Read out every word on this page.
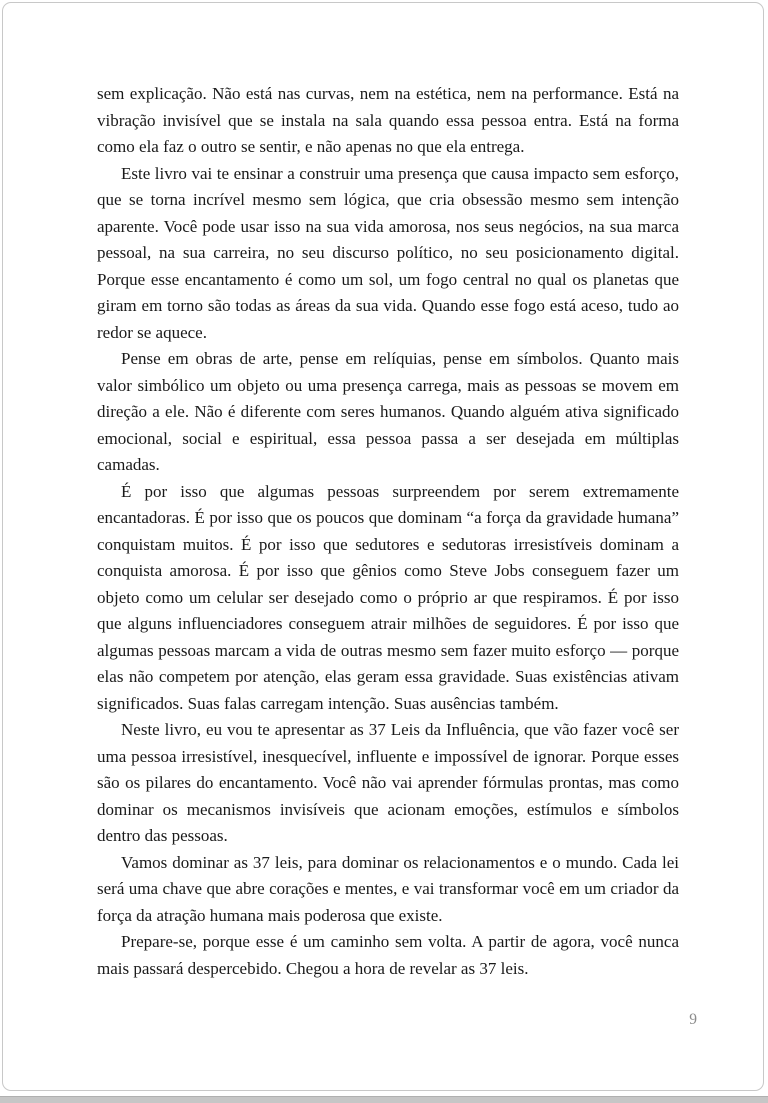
sem explicação. Não está nas curvas, nem na estética, nem na performance. Está na vibração invisível que se instala na sala quando essa pessoa entra. Está na forma como ela faz o outro se sentir, e não apenas no que ela entrega.

Este livro vai te ensinar a construir uma presença que causa impacto sem esforço, que se torna incrível mesmo sem lógica, que cria obsessão mesmo sem intenção aparente. Você pode usar isso na sua vida amorosa, nos seus negócios, na sua marca pessoal, na sua carreira, no seu discurso político, no seu posicionamento digital. Porque esse encantamento é como um sol, um fogo central no qual os planetas que giram em torno são todas as áreas da sua vida. Quando esse fogo está aceso, tudo ao redor se aquece.

Pense em obras de arte, pense em relíquias, pense em símbolos. Quanto mais valor simbólico um objeto ou uma presença carrega, mais as pessoas se movem em direção a ele. Não é diferente com seres humanos. Quando alguém ativa significado emocional, social e espiritual, essa pessoa passa a ser desejada em múltiplas camadas.

É por isso que algumas pessoas surpreendem por serem extremamente encantadoras. É por isso que os poucos que dominam “a força da gravidade humana” conquistam muitos. É por isso que sedutores e sedutoras irresistíveis dominam a conquista amorosa. É por isso que gênios como Steve Jobs conseguem fazer um objeto como um celular ser desejado como o próprio ar que respiramos. É por isso que alguns influenciadores conseguem atrair milhões de seguidores. É por isso que algumas pessoas marcam a vida de outras mesmo sem fazer muito esforço — porque elas não competem por atenção, elas geram essa gravidade. Suas existências ativam significados. Suas falas carregam intenção. Suas ausências também.

Neste livro, eu vou te apresentar as 37 Leis da Influência, que vão fazer você ser uma pessoa irresistível, inesquecível, influente e impossível de ignorar. Porque esses são os pilares do encantamento. Você não vai aprender fórmulas prontas, mas como dominar os mecanismos invisíveis que acionam emoções, estímulos e símbolos dentro das pessoas.

Vamos dominar as 37 leis, para dominar os relacionamentos e o mundo. Cada lei será uma chave que abre corações e mentes, e vai transformar você em um criador da força da atração humana mais poderosa que existe.

Prepare-se, porque esse é um caminho sem volta. A partir de agora, você nunca mais passará despercebido. Chegou a hora de revelar as 37 leis.

9
